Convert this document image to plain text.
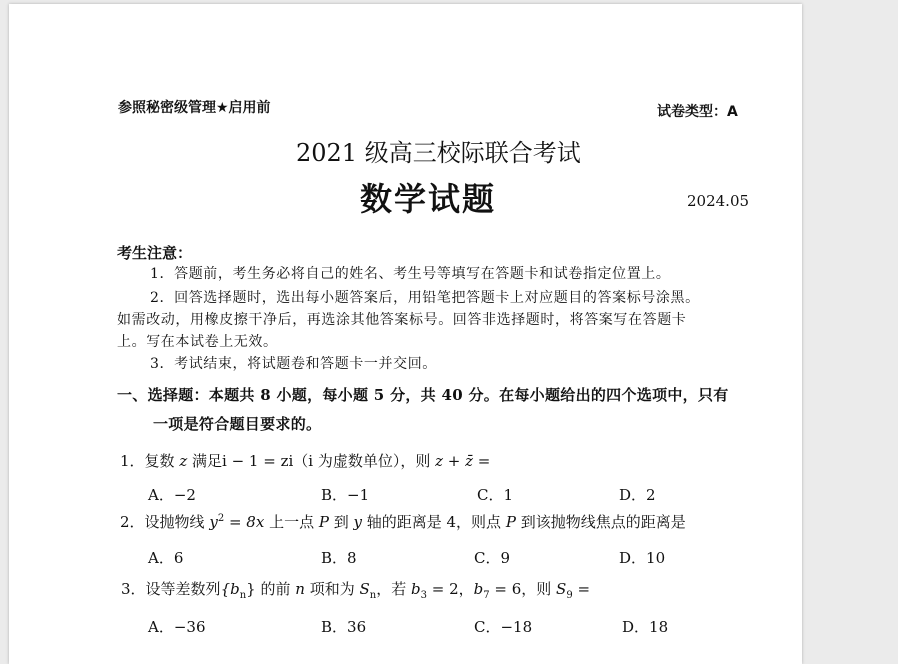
参照秘密级管理★启用前	试卷类型：A
2021 级高三校际联合考试
数学试题	2024.05
考生注意：
1．答题前，考生务必将自己的姓名、考生号等填写在答题卡和试卷指定位置上。
2．回答选择题时，选出每小题答案后，用铅笔把答题卡上对应题目的答案标号涂黑。
如需改动，用橡皮擦干净后，再选涂其他答案标号。回答非选择题时，将答案写在答题卡
上。写在本试卷上无效。
3．考试结束，将试题卷和答题卡一并交回。
一、选择题：本题共 8 小题，每小题 5 分，共 40 分。在每小题给出的四个选项中，只有
一项是符合题目要求的。
1．复数 z 满足i − 1 = zi（i 为虚数单位），则 z + z̄ =
A．−2	B．−1	C．1	D．2
2．设抛物线 $y^2 = 8x$ 上一点 P 到 y 轴的距离是 4，则点 P 到该抛物线焦点的距离是
A．6	B．8	C．9	D．10
3．设等差数列$\{b_n\}$ 的前 n 项和为 $S_n$，若 $b_3 = 2$，$b_7 = 6$，则 $S_9$ =
A．−36	B．36	C．−18	D．18
